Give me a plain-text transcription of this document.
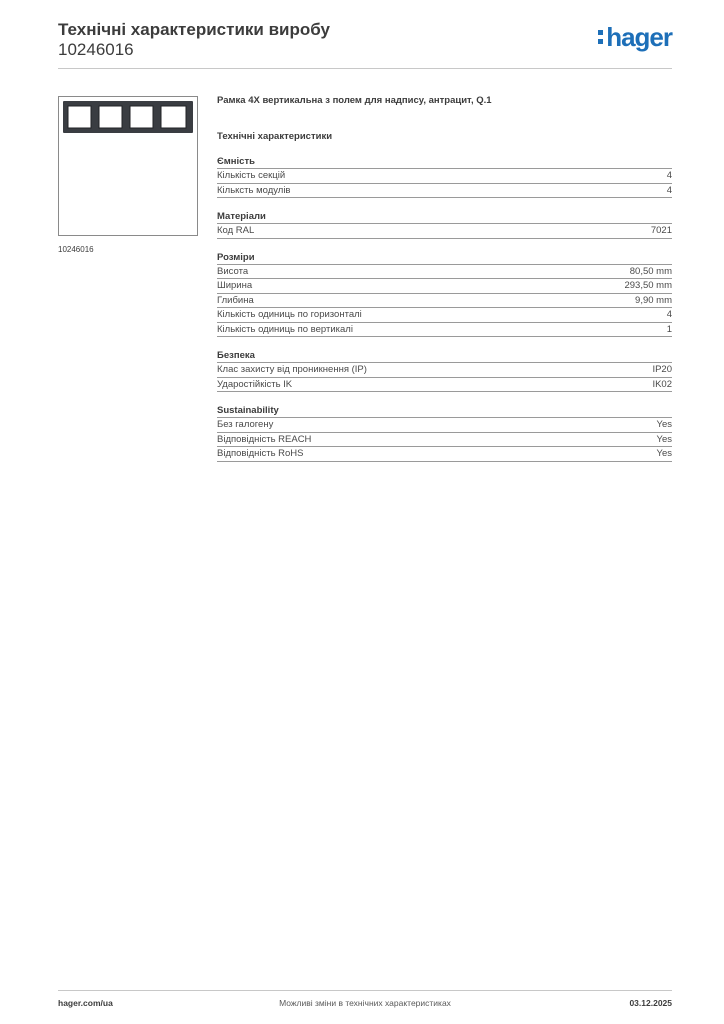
Технічні характеристики виробу
10246016	hager
10246016
Рамка 4X вертикальна з полем для надпису, антрацит, Q.1
Технічні характеристики
Ємність
Кількість секцій	4
Кільксть модулів	4
Матеріали
Код RAL	7021
Розміри
Висота	80,50 mm
Ширина	293,50 mm
Глибина	9,90 mm
Кількість одиниць по горизонталі	4
Кількість одиниць по вертикалі	1
Безпека
Клас захисту від проникнення (IP)	IP20
Ударостійкість IK	IK02
Sustainability
Без галогену	Yes
Відповідність REACH	Yes
Відповідність RoHS	Yes
hager.com/ua	Можливі зміни в технічних характеристиках	03.12.2025
